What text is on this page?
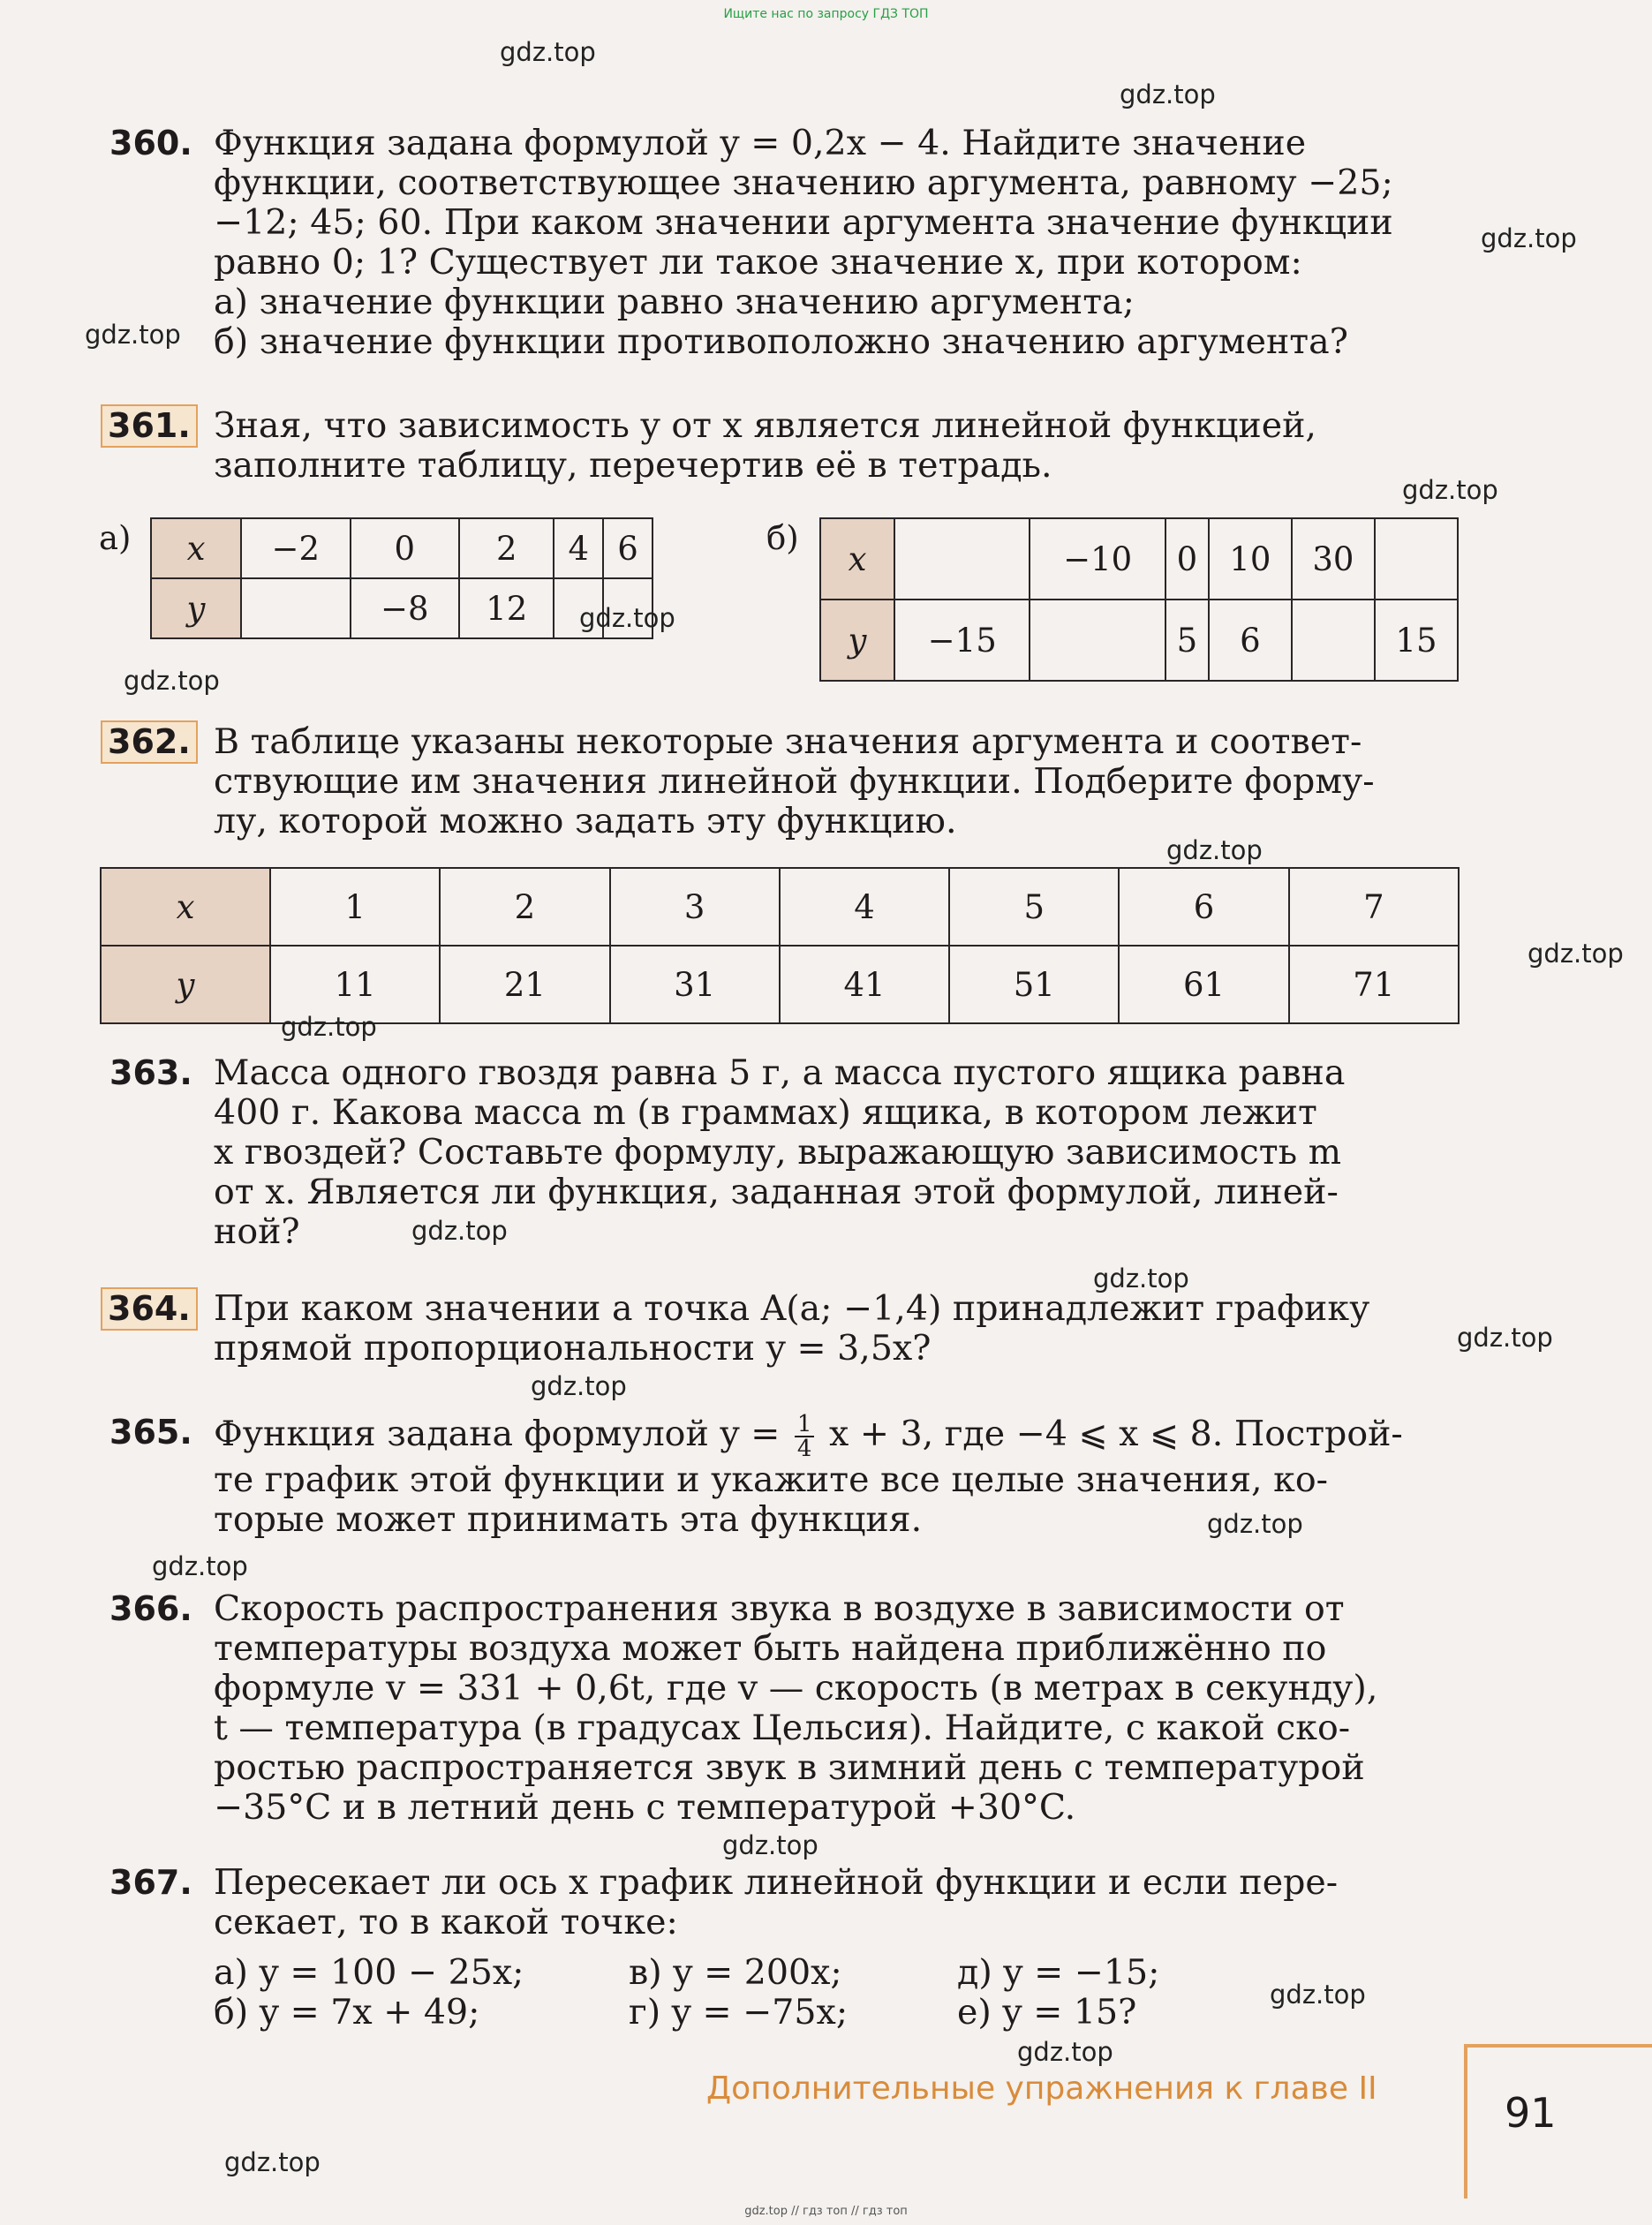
Ищите нас по запросу ГДЗ ТОП
360. Функция задана формулой y = 0,2x − 4. Найдите значение

функции, соответствующее значению аргумента, равному −25;

−12; 45; 60. При каком значении аргумента значение функции

равно 0; 1? Существует ли такое значение x, при котором:

а) значение функции равно значению аргумента;

б) значение функции противоположно значению аргумента?

361. Зная, что зависимость y от x является линейной функцией,

заполните таблицу, перечертив её в тетрадь.

а) x	−2	0	2	4	6
y		−8	12		
б)
x		−10	0	10	30	
y	−15		5	6		15
362. В таблице указаны некоторые значения аргумента и соответ-

ствующие им значения линейной функции. Подберите форму-

лу, которой можно задать эту функцию.

x	1	2	3	4	5	6	7
y	11	21	31	41	51	61	71
363. Масса одного гвоздя равна 5 г, а масса пустого ящика равна

400 г. Какова масса m (в граммах) ящика, в котором лежит

x гвоздей? Составьте формулу, выражающую зависимость m

от x. Является ли функция, заданная этой формулой, линей-

ной?

364. При каком значении a точка A(a; −1,4) принадлежит графику

прямой пропорциональности y = 3,5x?

365. Функция задана формулой $y = \frac{1}{4}$ x + 3, где −4 ⩽ x ⩽ 8. Построй-

те график этой функции и укажите все целые значения, ко-

торые может принимать эта функция.

366. Скорость распространения звука в воздухе в зависимости от

температуры воздуха может быть найдена приближённо по

формуле v = 331 + 0,6t, где v — скорость (в метрах в секунду),

t — температура (в градусах Цельсия). Найдите, с какой ско-

ростью распространяется звук в зимний день с температурой

−35°C и в летний день с температурой +30°C.

367. Пересекает ли ось x график линейной функции и если пере-

секает, то в какой точке:

а) y = 100 − 25x;	в) y = 200x;	д) y = −15;
б) y = 7x + 49;	г) y = −75x;	е) y = 15?
Дополнительные упражнения к главе II
91
gdz.top
gdz.top
gdz.top
gdz.top
gdz.top
gdz.top
gdz.top
gdz.top
gdz.top
gdz.top
gdz.top
gdz.top
gdz.top
gdz.top
gdz.top
gdz.top
gdz.top
gdz.top
gdz.top
gdz.top
gdz.top // гдз топ // гдз топ
